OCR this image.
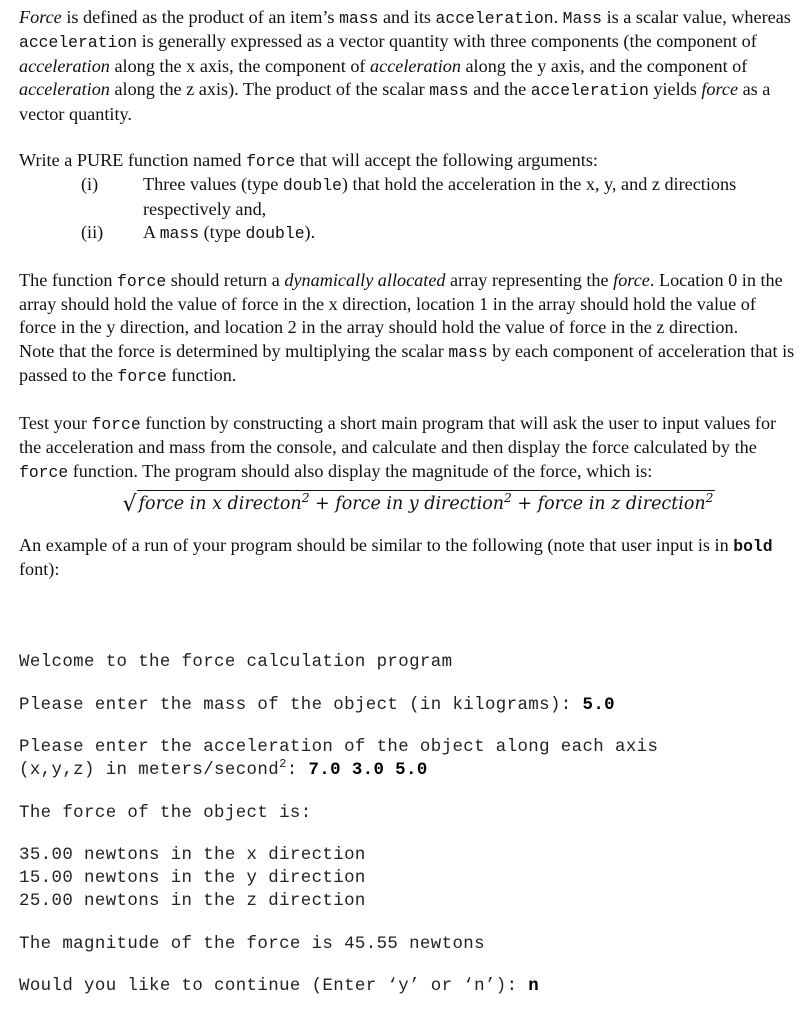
Force is defined as the product of an item’s mass and its acceleration. Mass is a scalar value, whereas acceleration is generally expressed as a vector quantity with three components (the component of acceleration along the x axis, the component of acceleration along the y axis, and the component of acceleration along the z axis). The product of the scalar mass and the acceleration yields force as a vector quantity.

Write a PURE function named force that will accept the following arguments:

(i)	Three values (type double) that hold the acceleration in the x, y, and z directions respectively and,
(ii)	A mass (type double).

The function force should return a dynamically allocated array representing the force. Location 0 in the array should hold the value of force in the x direction, location 1 in the array should hold the value of force in the y direction, and location 2 in the array should hold the value of force in the z direction.

Note that the force is determined by multiplying the scalar mass by each component of acceleration that is passed to the force function.

Test your force function by constructing a short main program that will ask the user to input values for the acceleration and mass from the console, and calculate and then display the force calculated by the force function. The program should also display the magnitude of the force, which is:

√ force in x directon$^2$ + force in y direction$^2$ + force in z direction$^2$

An example of a run of your program should be similar to the following (note that user input is in bold font):

Welcome to the force calculation program
Please enter the mass of the object (in kilograms): 5.0
Please enter the acceleration of the object along each axis
(x,y,z) in meters/second$^2$: 7.0 3.0 5.0
The force of the object is:
35.00 newtons in the x direction
15.00 newtons in the y direction
25.00 newtons in the z direction
The magnitude of the force is 45.55 newtons
Would you like to continue (Enter ‘y’ or ‘n’): n
